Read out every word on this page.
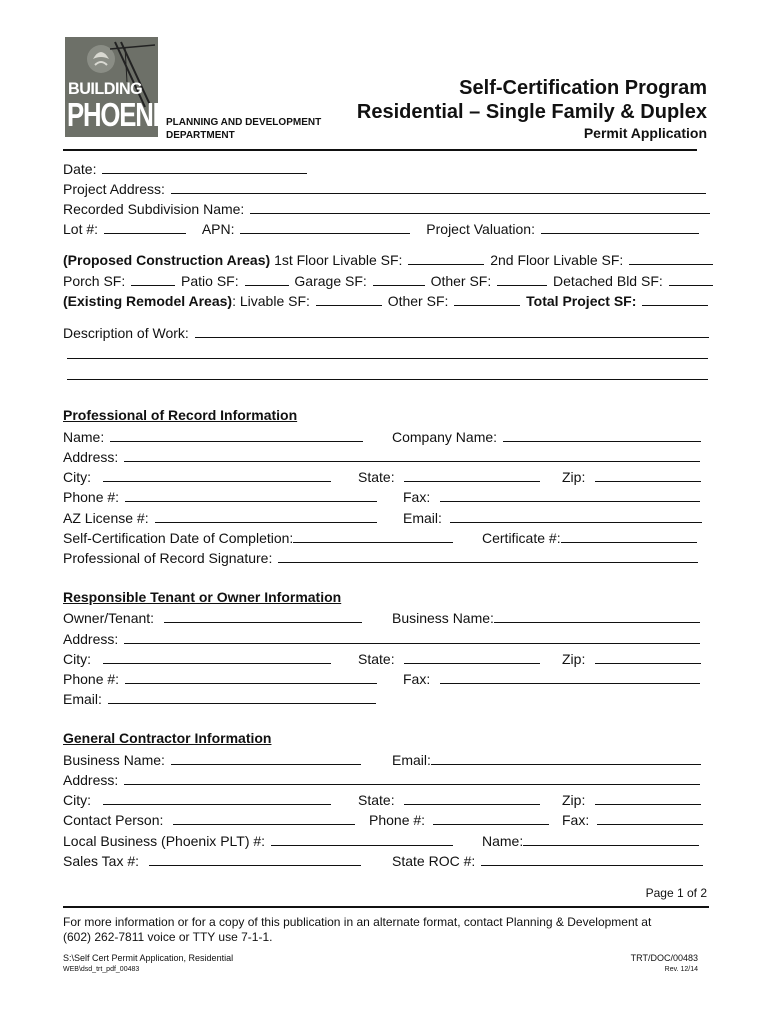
BUILDING
PHOENIX
PLANNING AND DEVELOPMENT
DEPARTMENT
Self-Certification Program
Residential – Single Family & Duplex
Permit Application
Date:
Project Address:
Recorded Subdivision Name:
Lot #:	APN:	Project Valuation:
(Proposed Construction Areas) 1st Floor Livable SF:	2nd Floor Livable SF:
Porch SF:	Patio SF:	Garage SF:	Other SF:	Detached Bld SF:
(Existing Remodel Areas): Livable SF:	Other SF:	Total Project SF:
Description of Work:
Professional of Record Information
Name:	Company Name:
Address:
City:	State:	Zip:
Phone #:	Fax:
AZ License #:	Email:
Self-Certification Date of Completion:	Certificate #:
Professional of Record Signature:
Responsible Tenant or Owner Information
Owner/Tenant:	Business Name:
Address:
City:	State:	Zip:
Phone #:	Fax:
Email:
General Contractor Information
Business Name:	Email:
Address:
City:	State:	Zip:
Contact Person:	Phone #:	Fax:
Local Business (Phoenix PLT) #:	Name:
Sales Tax #:	State ROC #:
Page 1 of 2
For more information or for a copy of this publication in an alternate format, contact Planning & Development at
(602) 262-7811 voice or TTY use 7-1-1.
S:\Self Cert Permit Application, Residential
WEB\dsd_trt_pdf_00483
TRT/DOC/00483
Rev. 12/14
